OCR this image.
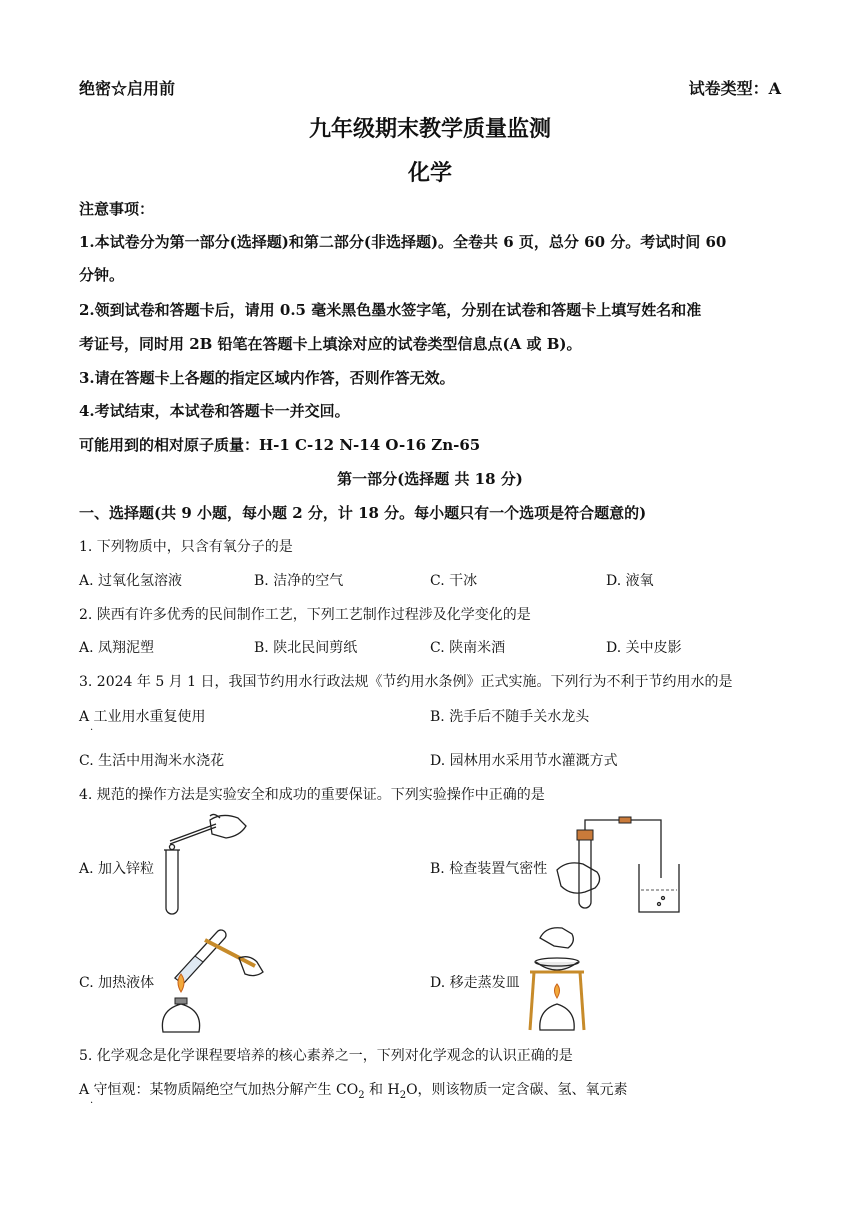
绝密☆启用前	试卷类型：A
九年级期末教学质量监测
化学
注意事项：
1.本试卷分为第一部分(选择题)和第二部分(非选择题)。全卷共 6 页，总分 60 分。考试时间 60
分钟。
2.领到试卷和答题卡后，请用 0.5 毫米黑色墨水签字笔，分别在试卷和答题卡上填写姓名和准
考证号，同时用 2B 铅笔在答题卡上填涂对应的试卷类型信息点(A 或 B)。
3.请在答题卡上各题的指定区域内作答，否则作答无效。
4.考试结束，本试卷和答题卡一并交回。
可能用到的相对原子质量：H-1 C-12 N-14 O-16 Zn-65
第一部分(选择题 共 18 分)
一、选择题(共 9 小题，每小题 2 分，计 18 分。每小题只有一个选项是符合题意的)
1. 下列物质中，只含有氧分子的是
A. 过氧化氢溶液	B. 洁净的空气	C. 干冰	D. 液氧
2. 陕西有许多优秀的民间制作工艺，下列工艺制作过程涉及化学变化的是
A. 凤翔泥塑	B. 陕北民间剪纸	C. 陕南米酒	D. 关中皮影
3. 2024 年 5 月 1 日，我国节约用水行政法规《节约用水条例》正式实施。下列行为不利于节约用水的是
A 工业用水重复使用
.
B. 洗手后不随手关水龙头
C. 生活中用淘米水浇花	D. 园林用水采用节水灌溉方式
4. 规范的操作方法是实验安全和成功的重要保证。下列实验操作中正确的是
A. 加入锌粒	B. 检查装置气密性
C. 加热液体	D. 移走蒸发皿
5. 化学观念是化学课程要培养的核心素养之一，下列对化学观念的认识正确的是
A 守恒观：某物质隔绝空气加热分解产生 $CO_2$ 和 $H_2O$，则该物质一定含碳、氢、氧元素
.
